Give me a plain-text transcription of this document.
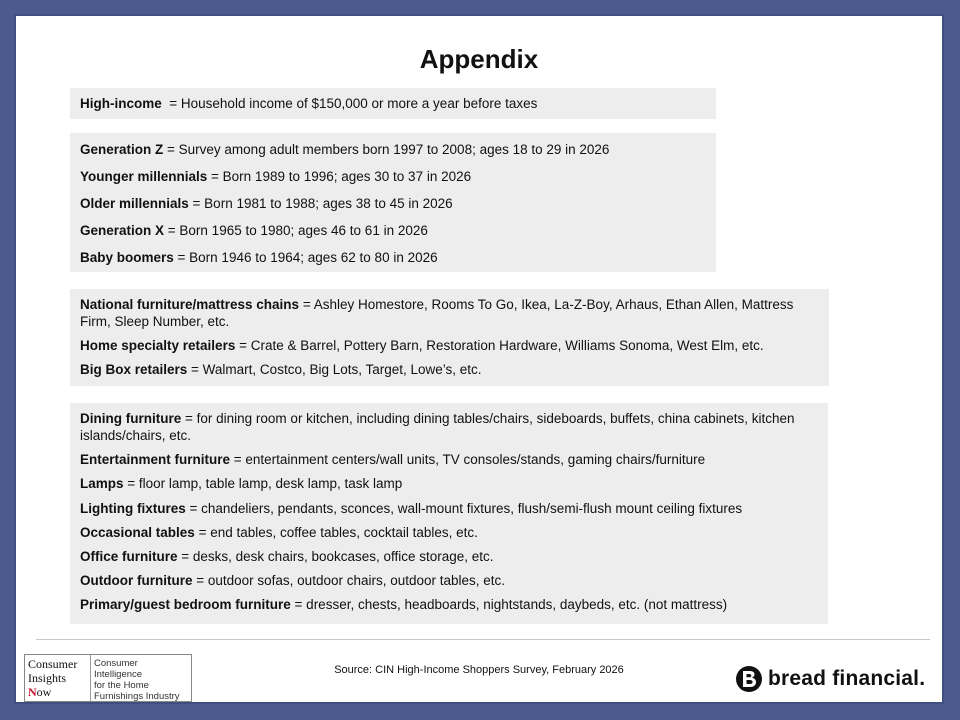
Appendix
High-income  = Household income of $150,000 or more a year before taxes
Generation Z = Survey among adult members born 1997 to 2008; ages 18 to 29 in 2026
Younger millennials = Born 1989 to 1996; ages 30 to 37 in 2026
Older millennials = Born 1981 to 1988; ages 38 to 45 in 2026
Generation X = Born 1965 to 1980; ages 46 to 61 in 2026
Baby boomers = Born 1946 to 1964; ages 62 to 80 in 2026
National furniture/mattress chains = Ashley Homestore, Rooms To Go, Ikea, La-Z-Boy, Arhaus, Ethan Allen, Mattress Firm, Sleep Number, etc.
Home specialty retailers = Crate & Barrel, Pottery Barn, Restoration Hardware, Williams Sonoma, West Elm, etc.
Big Box retailers = Walmart, Costco, Big Lots, Target, Lowe’s, etc.
Dining furniture = for dining room or kitchen, including dining tables/chairs, sideboards, buffets, china cabinets, kitchen islands/chairs, etc.
Entertainment furniture = entertainment centers/wall units, TV consoles/stands, gaming chairs/furniture
Lamps = floor lamp, table lamp, desk lamp, task lamp
Lighting fixtures = chandeliers, pendants, sconces, wall-mount fixtures, flush/semi-flush mount ceiling fixtures
Occasional tables = end tables, coffee tables, cocktail tables, etc.
Office furniture = desks, desk chairs, bookcases, office storage, etc.
Outdoor furniture = outdoor sofas, outdoor chairs, outdoor tables, etc.
Primary/guest bedroom furniture = dresser, chests, headboards, nightstands, daybeds, etc. (not mattress)
Consumer
Insights
Now
Consumer Intelligence
for the Home
Furnishings Industry
Source: CIN High-Income Shoppers Survey, February 2026	bread financial.
